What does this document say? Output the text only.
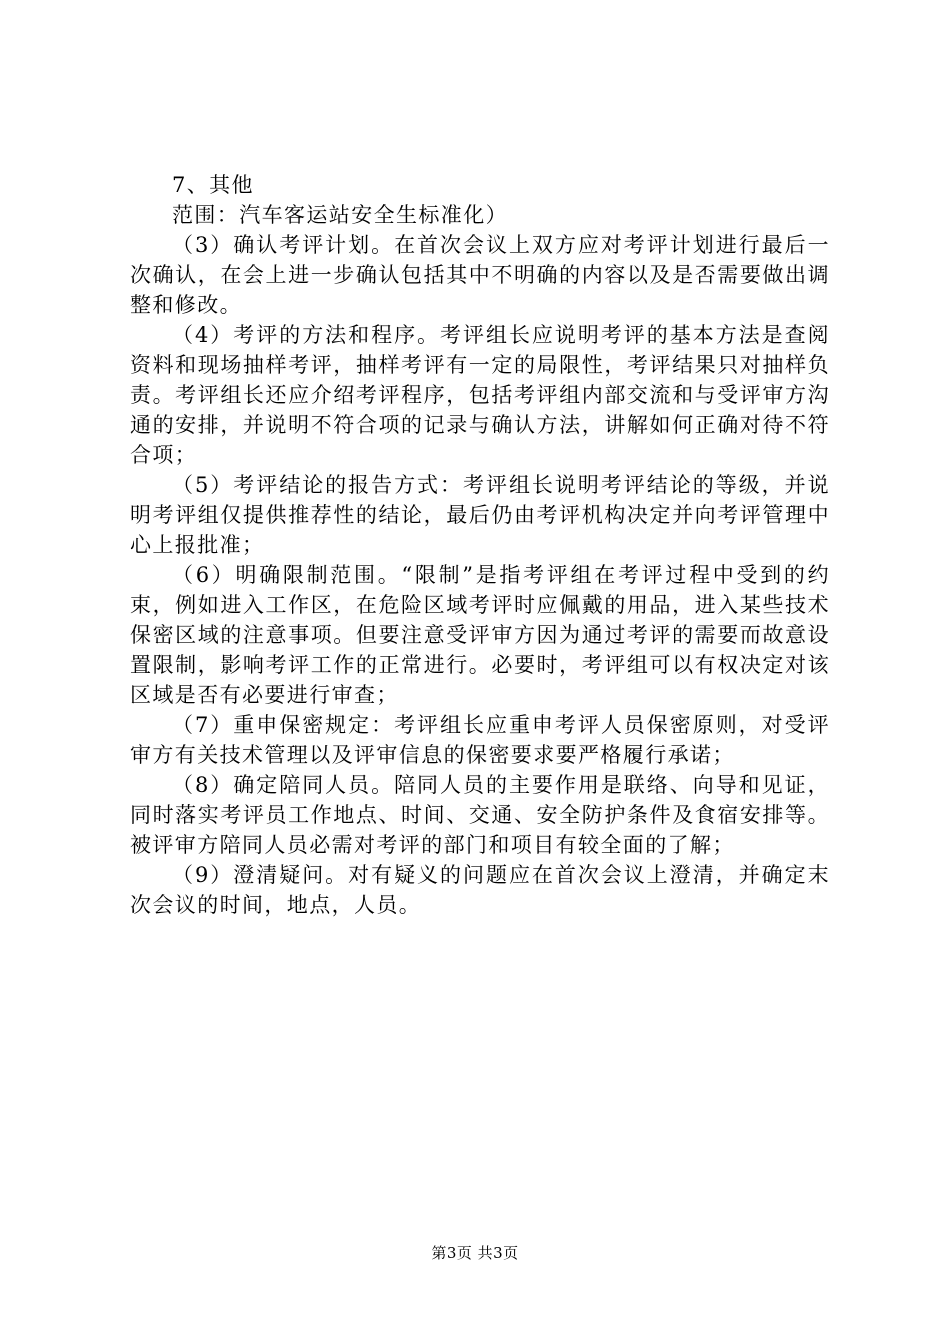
7、其他

范围：汽车客运站安全生标准化）

（3）确认考评计划。在首次会议上双方应对考评计划进行最后一次确认，在会上进一步确认包括其中不明确的内容以及是否需要做出调整和修改。

（4）考评的方法和程序。考评组长应说明考评的基本方法是查阅资料和现场抽样考评，抽样考评有一定的局限性，考评结果只对抽样负责。考评组长还应介绍考评程序，包括考评组内部交流和与受评审方沟通的安排，并说明不符合项的记录与确认方法，讲解如何正确对待不符合项；

（5）考评结论的报告方式：考评组长说明考评结论的等级，并说明考评组仅提供推荐性的结论，最后仍由考评机构决定并向考评管理中心上报批准；

（6）明确限制范围。“限制”是指考评组在考评过程中受到的约束，例如进入工作区，在危险区域考评时应佩戴的用品，进入某些技术保密区域的注意事项。但要注意受评审方因为通过考评的需要而故意设置限制，影响考评工作的正常进行。必要时，考评组可以有权决定对该区域是否有必要进行审查；

（7）重申保密规定：考评组长应重申考评人员保密原则，对受评审方有关技术管理以及评审信息的保密要求要严格履行承诺；

（8）确定陪同人员。陪同人员的主要作用是联络、向导和见证，同时落实考评员工作地点、时间、交通、安全防护条件及食宿安排等。被评审方陪同人员必需对考评的部门和项目有较全面的了解；

（9）澄清疑问。对有疑义的问题应在首次会议上澄清，并确定末次会议的时间，地点，人员。

第3页 共3页
